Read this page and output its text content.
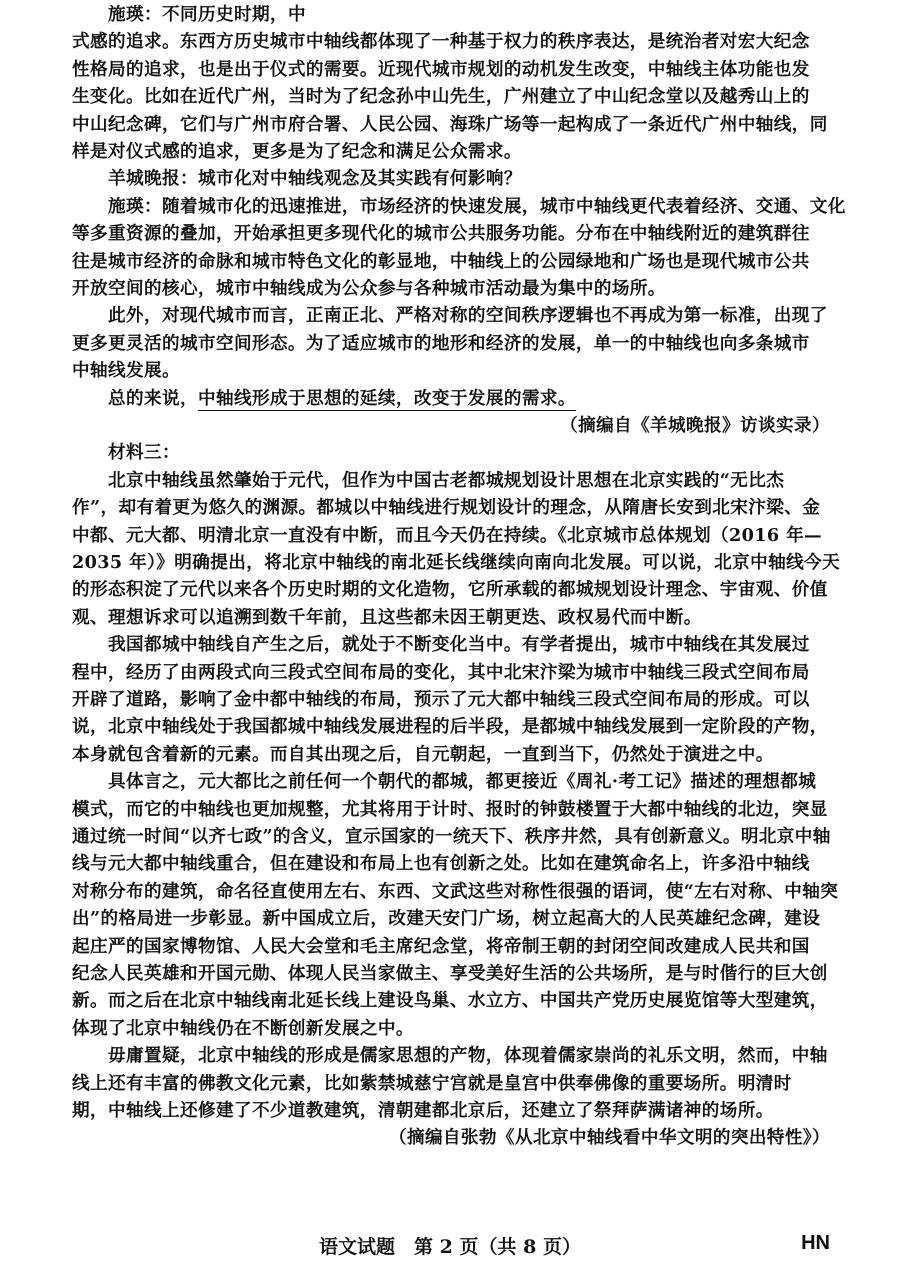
施瑛：不同历史时期，中
式感的追求。东西方历史城市中轴线都体现了一种基于权力的秩序表达，是统治者对宏大纪念
性格局的追求，也是出于仪式的需要。近现代城市规划的动机发生改变，中轴线主体功能也发
生变化。比如在近代广州，当时为了纪念孙中山先生，广州建立了中山纪念堂以及越秀山上的
中山纪念碑，它们与广州市府合署、人民公园、海珠广场等一起构成了一条近代广州中轴线，同
样是对仪式感的追求，更多是为了纪念和满足公众需求。
羊城晚报：城市化对中轴线观念及其实践有何影响？
施瑛：随着城市化的迅速推进，市场经济的快速发展，城市中轴线更代表着经济、交通、文化
等多重资源的叠加，开始承担更多现代化的城市公共服务功能。分布在中轴线附近的建筑群往
往是城市经济的命脉和城市特色文化的彰显地，中轴线上的公园绿地和广场也是现代城市公共
开放空间的核心，城市中轴线成为公众参与各种城市活动最为集中的场所。
此外，对现代城市而言，正南正北、严格对称的空间秩序逻辑也不再成为第一标准，出现了
更多更灵活的城市空间形态。为了适应城市的地形和经济的发展，单一的中轴线也向多条城市
中轴线发展。
总的来说，中轴线形成于思想的延续，改变于发展的需求。
（摘编自《羊城晚报》访谈实录）
材料三：
北京中轴线虽然肇始于元代，但作为中国古老都城规划设计思想在北京实践的“无比杰
作”，却有着更为悠久的渊源。都城以中轴线进行规划设计的理念，从隋唐长安到北宋汴梁、金
中都、元大都、明清北京一直没有中断，而且今天仍在持续。《北京城市总体规划（2016 年—
2035 年）》明确提出，将北京中轴线的南北延长线继续向南向北发展。可以说，北京中轴线今天
的形态积淀了元代以来各个历史时期的文化造物，它所承载的都城规划设计理念、宇宙观、价值
观、理想诉求可以追溯到数千年前，且这些都未因王朝更迭、政权易代而中断。
我国都城中轴线自产生之后，就处于不断变化当中。有学者提出，城市中轴线在其发展过
程中，经历了由两段式向三段式空间布局的变化，其中北宋汴梁为城市中轴线三段式空间布局
开辟了道路，影响了金中都中轴线的布局，预示了元大都中轴线三段式空间布局的形成。可以
说，北京中轴线处于我国都城中轴线发展进程的后半段，是都城中轴线发展到一定阶段的产物，
本身就包含着新的元素。而自其出现之后，自元朝起，一直到当下，仍然处于演进之中。
具体言之，元大都比之前任何一个朝代的都城，都更接近《周礼·考工记》描述的理想都城
模式，而它的中轴线也更加规整，尤其将用于计时、报时的钟鼓楼置于大都中轴线的北边，突显
通过统一时间“以齐七政”的含义，宣示国家的一统天下、秩序井然，具有创新意义。明北京中轴
线与元大都中轴线重合，但在建设和布局上也有创新之处。比如在建筑命名上，许多沿中轴线
对称分布的建筑，命名径直使用左右、东西、文武这些对称性很强的语词，使“左右对称、中轴突
出”的格局进一步彰显。新中国成立后，改建天安门广场，树立起高大的人民英雄纪念碑，建设
起庄严的国家博物馆、人民大会堂和毛主席纪念堂，将帝制王朝的封闭空间改建成人民共和国
纪念人民英雄和开国元勋、体现人民当家做主、享受美好生活的公共场所，是与时偕行的巨大创
新。而之后在北京中轴线南北延长线上建设鸟巢、水立方、中国共产党历史展览馆等大型建筑，
体现了北京中轴线仍在不断创新发展之中。
毋庸置疑，北京中轴线的形成是儒家思想的产物，体现着儒家崇尚的礼乐文明，然而，中轴
线上还有丰富的佛教文化元素，比如紫禁城慈宁宫就是皇宫中供奉佛像的重要场所。明清时
期，中轴线上还修建了不少道教建筑，清朝建都北京后，还建立了祭拜萨满诸神的场所。
（摘编自张勃《从北京中轴线看中华文明的突出特性》）
语文试题　第 2 页（共 8 页）	HN
